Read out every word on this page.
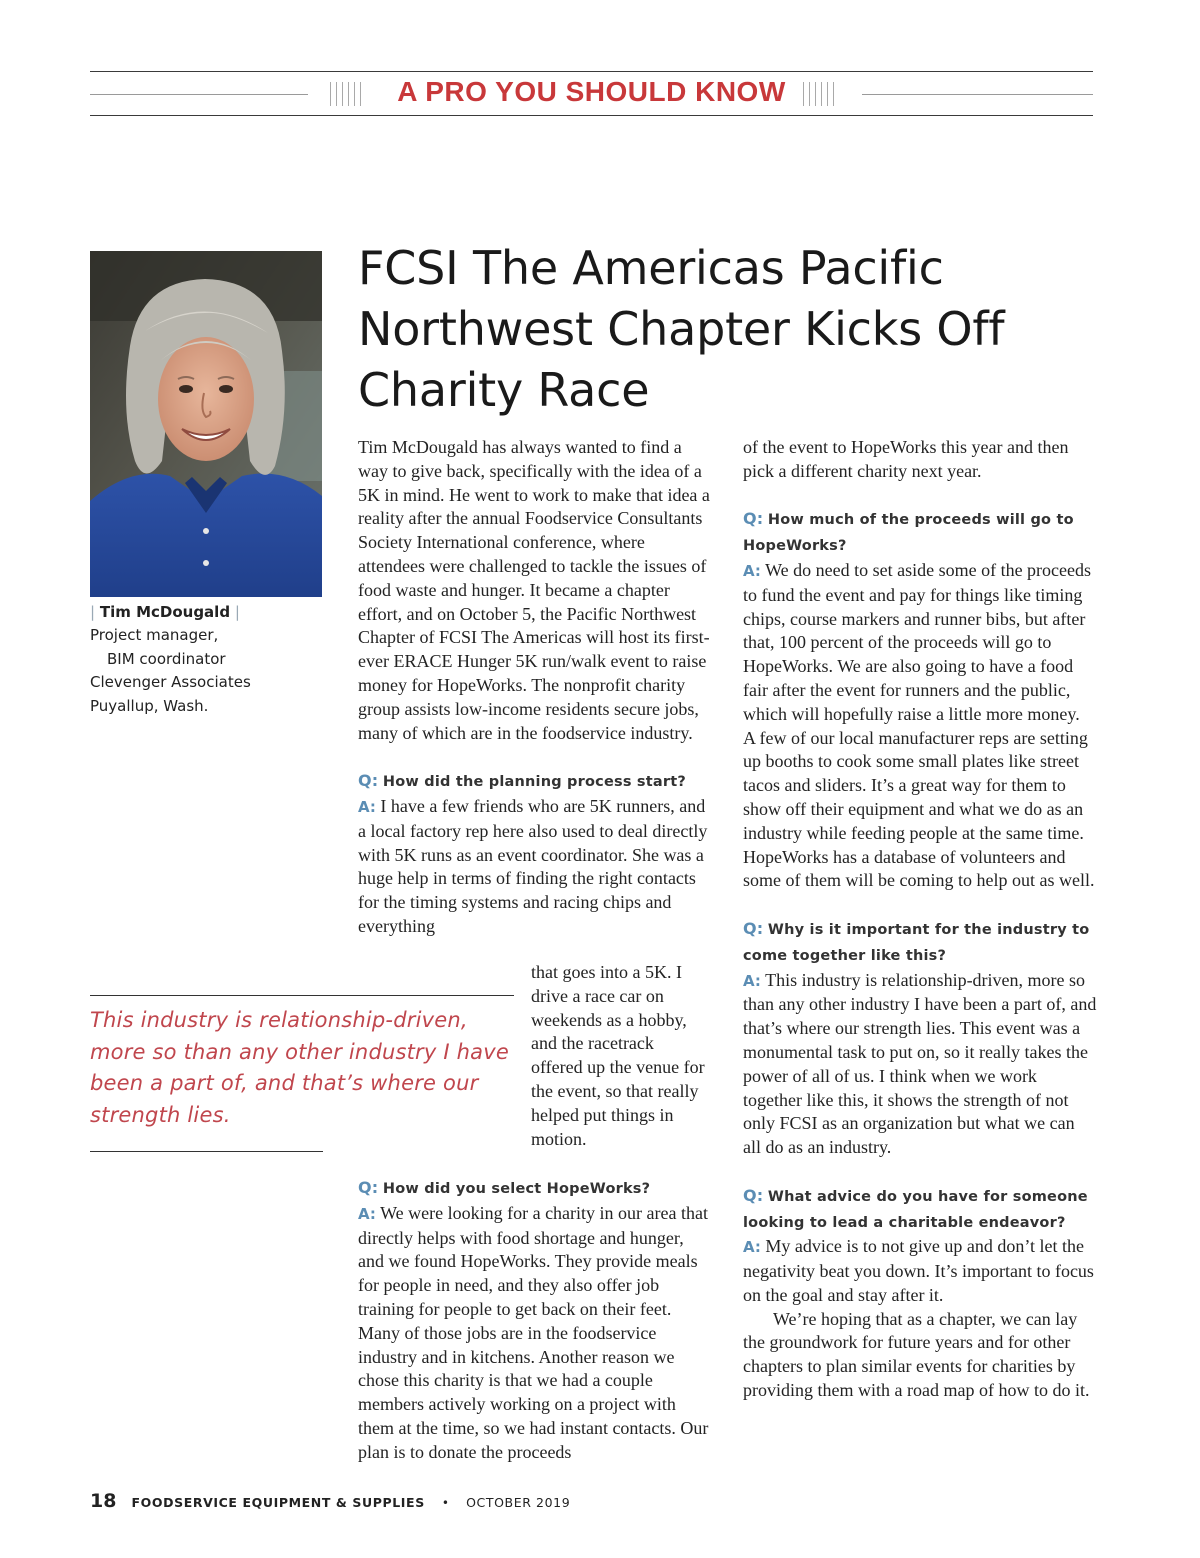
A PRO YOU SHOULD KNOW
| Tim McDougald |
Project manager,
BIM coordinator
Clevenger Associates
Puyallup, Wash.
FCSI The Americas Pacific Northwest Chapter Kicks Off Charity Race

Tim McDougald has always wanted to find a way to give back, specifically with the idea of a 5K in mind. He went to work to make that idea a reality after the annual Foodservice Consultants Society International conference, where attendees were challenged to tackle the issues of food waste and hunger. It became a chapter effort, and on October 5, the Pacific Northwest Chapter of FCSI The Americas will host its first-ever ERACE Hunger 5K run/walk event to raise money for HopeWorks. The nonprofit charity group assists low-income residents secure jobs, many of which are in the foodservice industry.

Q: How did the planning process start?

A: I have a few friends who are 5K runners, and a local factory rep here also used to deal directly with 5K runs as an event coordinator. She was a huge help in terms of finding the right contacts for the timing systems and racing chips and everything

that goes into a 5K. I drive a race car on weekends as a hobby, and the racetrack offered up the venue for the event, so that really helped put things in motion.

Q: How did you select HopeWorks?

A: We were looking for a charity in our area that directly helps with food shortage and hunger, and we found HopeWorks. They provide meals for people in need, and they also offer job training for people to get back on their feet. Many of those jobs are in the foodservice industry and in kitchens. Another reason we chose this charity is that we had a couple members actively working on a project with them at the time, so we had instant contacts. Our plan is to donate the proceeds

This industry is relationship-driven, more so than any other industry I have been a part of, and that’s where our strength lies.

of the event to HopeWorks this year and then pick a different charity next year.

Q: How much of the proceeds will go to HopeWorks?

A: We do need to set aside some of the proceeds to fund the event and pay for things like timing chips, course markers and runner bibs, but after that, 100 percent of the proceeds will go to HopeWorks. We are also going to have a food fair after the event for runners and the public, which will hopefully raise a little more money.

A few of our local manufacturer reps are setting up booths to cook some small plates like street tacos and sliders. It’s a great way for them to show off their equipment and what we do as an industry while feeding people at the same time. HopeWorks has a database of volunteers and some of them will be coming to help out as well.

Q: Why is it important for the industry to come together like this?

A: This industry is relationship-driven, more so than any other industry I have been a part of, and that’s where our strength lies. This event was a monumental task to put on, so it really takes the power of all of us. I think when we work together like this, it shows the strength of not only FCSI as an organization but what we can all do as an industry.

Q: What advice do you have for someone looking to lead a charitable endeavor?

A: My advice is to not give up and don’t let the negativity beat you down. It’s important to focus on the goal and stay after it.

We’re hoping that as a chapter, we can lay the groundwork for future years and for other chapters to plan similar events for charities by providing them with a road map of how to do it.

18 FOODSERVICE EQUIPMENT & SUPPLIES • OCTOBER 2019
